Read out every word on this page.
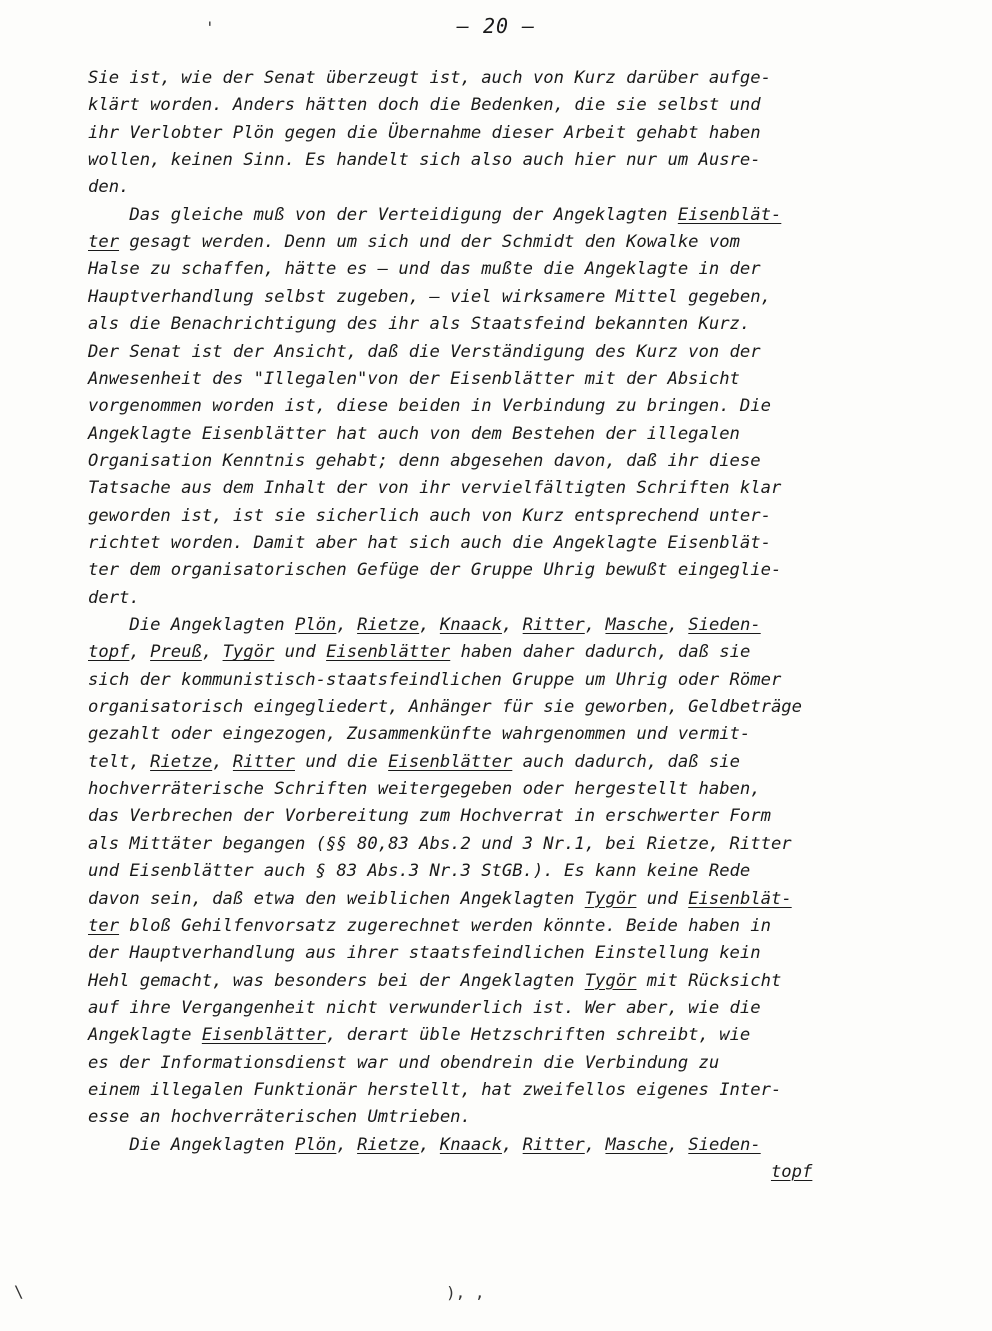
— 20 —
'
\	), ,
Sie ist, wie der Senat überzeugt ist, auch von Kurz darüber aufge-
klärt worden. Anders hätten doch die Bedenken, die sie selbst und
ihr Verlobter Plön gegen die Übernahme dieser Arbeit gehabt haben
wollen, keinen Sinn. Es handelt sich also auch hier nur um Ausre-
den.
Das gleiche muß von der Verteidigung der Angeklagten Eisenblät-
ter gesagt werden. Denn um sich und der Schmidt den Kowalke vom
Halse zu schaffen, hätte es – und das mußte die Angeklagte in der
Hauptverhandlung selbst zugeben, – viel wirksamere Mittel gegeben,
als die Benachrichtigung des ihr als Staatsfeind bekannten Kurz.
Der Senat ist der Ansicht, daß die Verständigung des Kurz von der
Anwesenheit des "Illegalen"von der Eisenblätter mit der Absicht
vorgenommen worden ist, diese beiden in Verbindung zu bringen. Die
Angeklagte Eisenblätter hat auch von dem Bestehen der illegalen
Organisation Kenntnis gehabt; denn abgesehen davon, daß ihr diese
Tatsache aus dem Inhalt der von ihr vervielfältigten Schriften klar
geworden ist, ist sie sicherlich auch von Kurz entsprechend unter-
richtet worden. Damit aber hat sich auch die Angeklagte Eisenblät-
ter dem organisatorischen Gefüge der Gruppe Uhrig bewußt eingeglie-
dert.
Die Angeklagten Plön, Rietze, Knaack, Ritter, Masche, Sieden-
topf, Preuß, Tygör und Eisenblätter haben daher dadurch, daß sie
sich der kommunistisch-staatsfeindlichen Gruppe um Uhrig oder Römer
organisatorisch eingegliedert, Anhänger für sie geworben, Geldbeträge
gezahlt oder eingezogen, Zusammenkünfte wahrgenommen und vermit-
telt, Rietze, Ritter und die Eisenblätter auch dadurch, daß sie
hochverräterische Schriften weitergegeben oder hergestellt haben,
das Verbrechen der Vorbereitung zum Hochverrat in erschwerter Form
als Mittäter begangen (§§ 80,83 Abs.2 und 3 Nr.1, bei Rietze, Ritter
und Eisenblätter auch § 83 Abs.3 Nr.3 StGB.). Es kann keine Rede
davon sein, daß etwa den weiblichen Angeklagten Tygör und Eisenblät-
ter bloß Gehilfenvorsatz zugerechnet werden könnte. Beide haben in
der Hauptverhandlung aus ihrer staatsfeindlichen Einstellung kein
Hehl gemacht, was besonders bei der Angeklagten Tygör mit Rücksicht
auf ihre Vergangenheit nicht verwunderlich ist. Wer aber, wie die
Angeklagte Eisenblätter, derart üble Hetzschriften schreibt, wie
es der Informationsdienst war und obendrein die Verbindung zu
einem illegalen Funktionär herstellt, hat zweifellos eigenes Inter-
esse an hochverräterischen Umtrieben.
Die Angeklagten Plön, Rietze, Knaack, Ritter, Masche, Sieden-
topf
